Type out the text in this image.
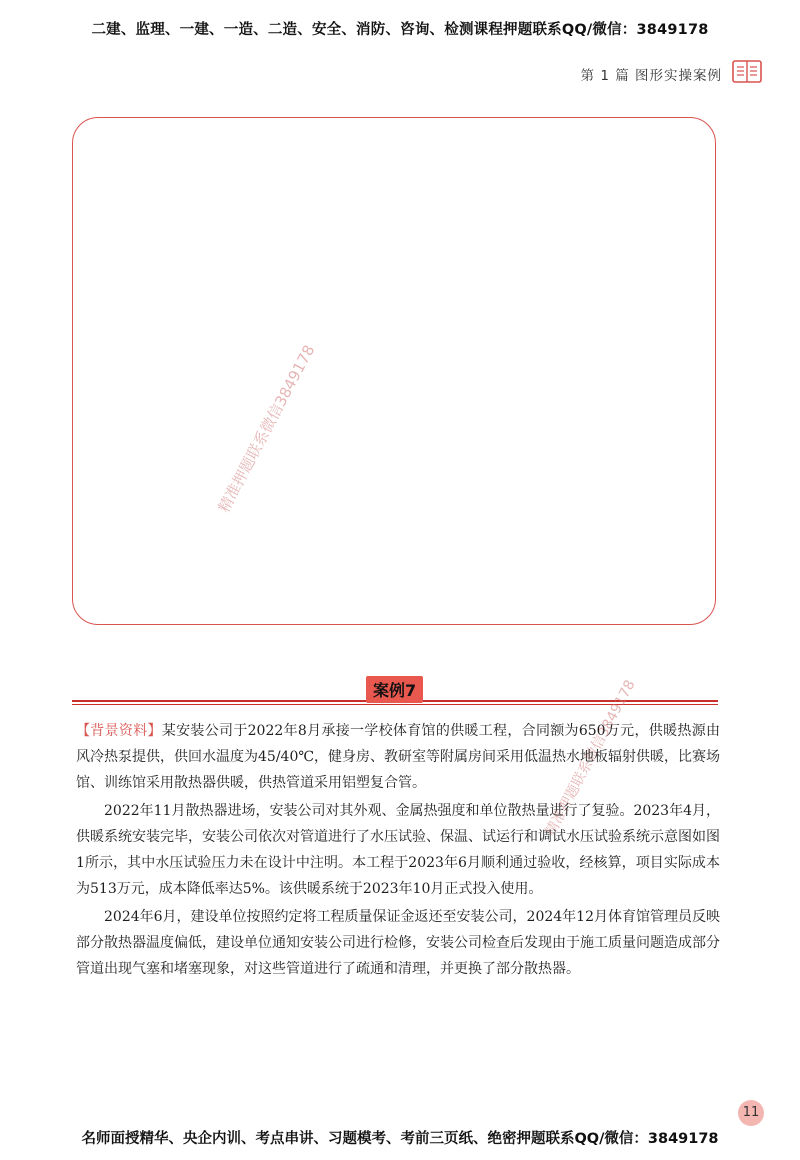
二建、监理、一建、一造、二造、安全、消防、咨询、检测课程押题联系QQ/微信：3849178
第 1 篇 图形实操案例
精准押题联系微信3849178
案例7	精准押题联系微信3849178

【背景资料】某安装公司于2022年8月承接一学校体育馆的供暖工程，合同额为650万元，供暖热源由风冷热泵提供，供回水温度为45/40℃，健身房、教研室等附属房间采用低温热水地板辐射供暖，比赛场馆、训练馆采用散热器供暖，供热管道采用铝塑复合管。

2022年11月散热器进场，安装公司对其外观、金属热强度和单位散热量进行了复验。2023年4月，供暖系统安装完毕，安装公司依次对管道进行了水压试验、保温、试运行和调试水压试验系统示意图如图1所示，其中水压试验压力未在设计中注明。本工程于2023年6月顺利通过验收，经核算，项目实际成本为513万元，成本降低率达5%。该供暖系统于2023年10月正式投入使用。

2024年6月，建设单位按照约定将工程质量保证金返还至安装公司，2024年12月体育馆管理员反映部分散热器温度偏低，建设单位通知安装公司进行检修，安装公司检查后发现由于施工质量问题造成部分管道出现气塞和堵塞现象，对这些管道进行了疏通和清理，并更换了部分散热器。

11
名师面授精华、央企内训、考点串讲、习题模考、考前三页纸、绝密押题联系QQ/微信：3849178
